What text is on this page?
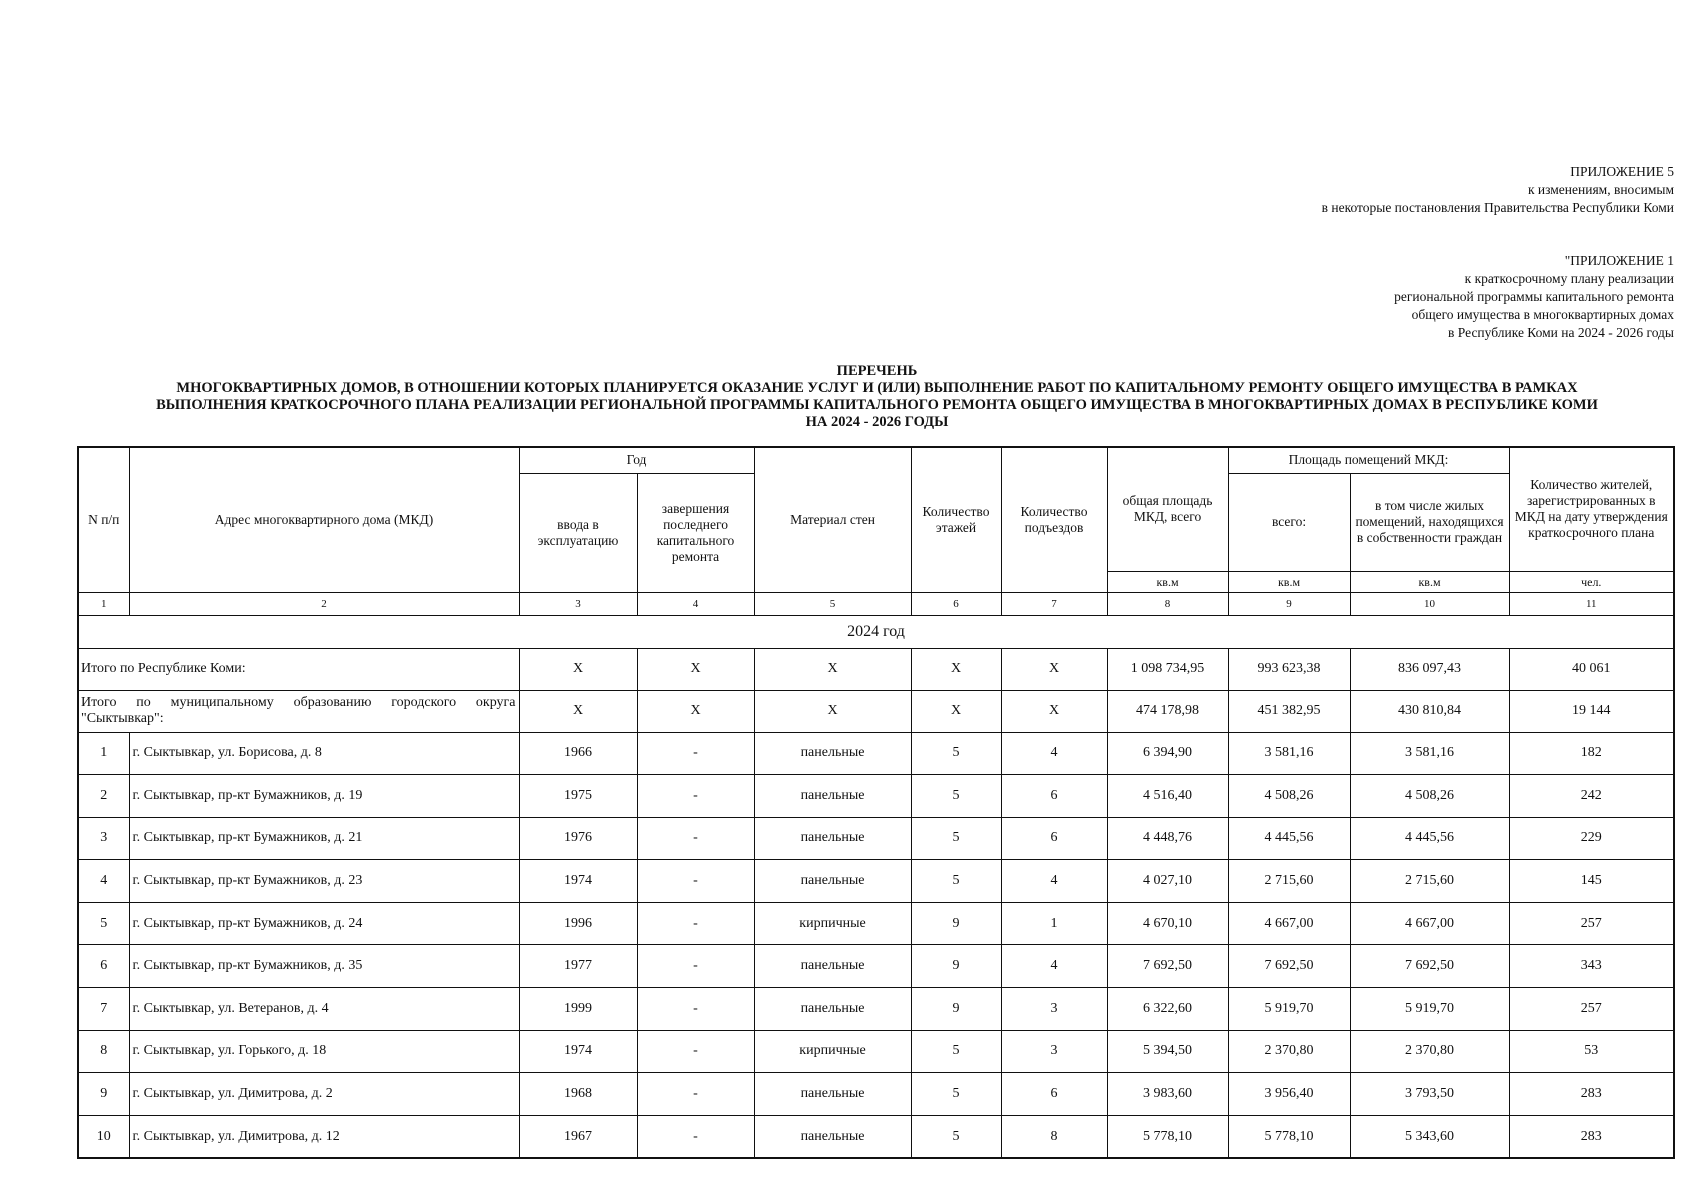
ПРИЛОЖЕНИЕ 5
к изменениям, вносимым
в некоторые постановления Правительства Республики Коми
"ПРИЛОЖЕНИЕ 1
к краткосрочному плану реализации
региональной программы капитального ремонта
общего имущества в многоквартирных домах
в Республике Коми на 2024 - 2026 годы
ПЕРЕЧЕНЬ
МНОГОКВАРТИРНЫХ ДОМОВ, В ОТНОШЕНИИ КОТОРЫХ ПЛАНИРУЕТСЯ ОКАЗАНИЕ УСЛУГ И (ИЛИ) ВЫПОЛНЕНИЕ РАБОТ ПО КАПИТАЛЬНОМУ РЕМОНТУ ОБЩЕГО ИМУЩЕСТВА В РАМКАХ
ВЫПОЛНЕНИЯ КРАТКОСРОЧНОГО ПЛАНА РЕАЛИЗАЦИИ РЕГИОНАЛЬНОЙ ПРОГРАММЫ КАПИТАЛЬНОГО РЕМОНТА ОБЩЕГО ИМУЩЕСТВА В МНОГОКВАРТИРНЫХ ДОМАХ В РЕСПУБЛИКЕ КОМИ
НА 2024 - 2026 ГОДЫ
N п/п	Адрес многоквартирного дома (МКД)	Год		Материал стен	Количество этажей	Количество подъездов	общая площадь МКД, всего	Площадь помещений МКД:		Количество жителей, зарегистрированных в МКД на дату утверждения краткосрочного плана
		ввода в эксплуатацию	завершения последнего капитального ремонта					всего:	в том числе жилых помещений, находящихся в собственности граждан	
							кв.м	кв.м	кв.м	чел.
1	2	3	4	5	6	7	8	9	10	11
2024 год										
Итого по Республике Коми:		X	X	X	X	X	1 098 734,95	993 623,38	836 097,43	40 061
Итого по муниципальному образованию городского округа "Сыктывкар":		X	X	X	X	X	474 178,98	451 382,95	430 810,84	19 144
1	г. Сыктывкар, ул. Борисова, д. 8	1966	-	панельные	5	4	6 394,90	3 581,16	3 581,16	182
2	г. Сыктывкар, пр-кт Бумажников, д. 19	1975	-	панельные	5	6	4 516,40	4 508,26	4 508,26	242
3	г. Сыктывкар, пр-кт Бумажников, д. 21	1976	-	панельные	5	6	4 448,76	4 445,56	4 445,56	229
4	г. Сыктывкар, пр-кт Бумажников, д. 23	1974	-	панельные	5	4	4 027,10	2 715,60	2 715,60	145
5	г. Сыктывкар, пр-кт Бумажников, д. 24	1996	-	кирпичные	9	1	4 670,10	4 667,00	4 667,00	257
6	г. Сыктывкар, пр-кт Бумажников, д. 35	1977	-	панельные	9	4	7 692,50	7 692,50	7 692,50	343
7	г. Сыктывкар, ул. Ветеранов, д. 4	1999	-	панельные	9	3	6 322,60	5 919,70	5 919,70	257
8	г. Сыктывкар, ул. Горького, д. 18	1974	-	кирпичные	5	3	5 394,50	2 370,80	2 370,80	53
9	г. Сыктывкар, ул. Димитрова, д. 2	1968	-	панельные	5	6	3 983,60	3 956,40	3 793,50	283
10	г. Сыктывкар, ул. Димитрова, д. 12	1967	-	панельные	5	8	5 778,10	5 778,10	5 343,60	283
